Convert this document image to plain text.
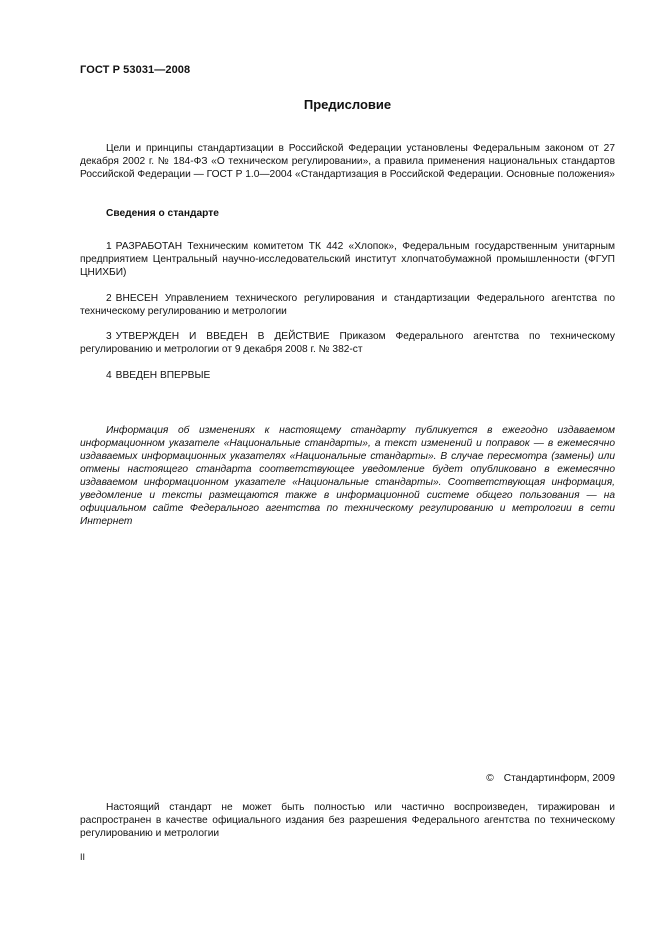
ГОСТ Р 53031—2008
Предисловие

Цели и принципы стандартизации в Российской Федерации установлены Федеральным законом от 27 декабря 2002 г. № 184-ФЗ «О техническом регулировании», а правила применения национальных стандартов Российской Федерации — ГОСТ Р 1.0—2004 «Стандартизация в Российской Федерации. Основные положения»

Сведения о стандарте

1 РАЗРАБОТАН Техническим комитетом ТК 442 «Хлопок», Федеральным государственным унитарным предприятием Центральный научно-исследовательский институт хлопчатобумажной промышленности (ФГУП ЦНИХБИ)

2 ВНЕСЕН Управлением технического регулирования и стандартизации Федерального агентства по техническому регулированию и метрологии

3 УТВЕРЖДЕН И ВВЕДЕН В ДЕЙСТВИЕ Приказом Федерального агентства по техническому регулированию и метрологии от 9 декабря 2008 г. № 382-ст

4 ВВЕДЕН ВПЕРВЫЕ

Информация об изменениях к настоящему стандарту публикуется в ежегодно издаваемом информационном указателе «Национальные стандарты», а текст изменений и поправок — в ежемесячно издаваемых информационных указателях «Национальные стандарты». В случае пересмотра (замены) или отмены настоящего стандарта соответствующее уведомление будет опубликовано в ежемесячно издаваемом информационном указателе «Национальные стандарты». Соответствующая информация, уведомление и тексты размещаются также в информационной системе общего пользования — на официальном сайте Федерального агентства по техническому регулированию и метрологии в сети Интернет

© Стандартинформ, 2009

Настоящий стандарт не может быть полностью или частично воспроизведен, тиражирован и распространен в качестве официального издания без разрешения Федерального агентства по техническому регулированию и метрологии

II
